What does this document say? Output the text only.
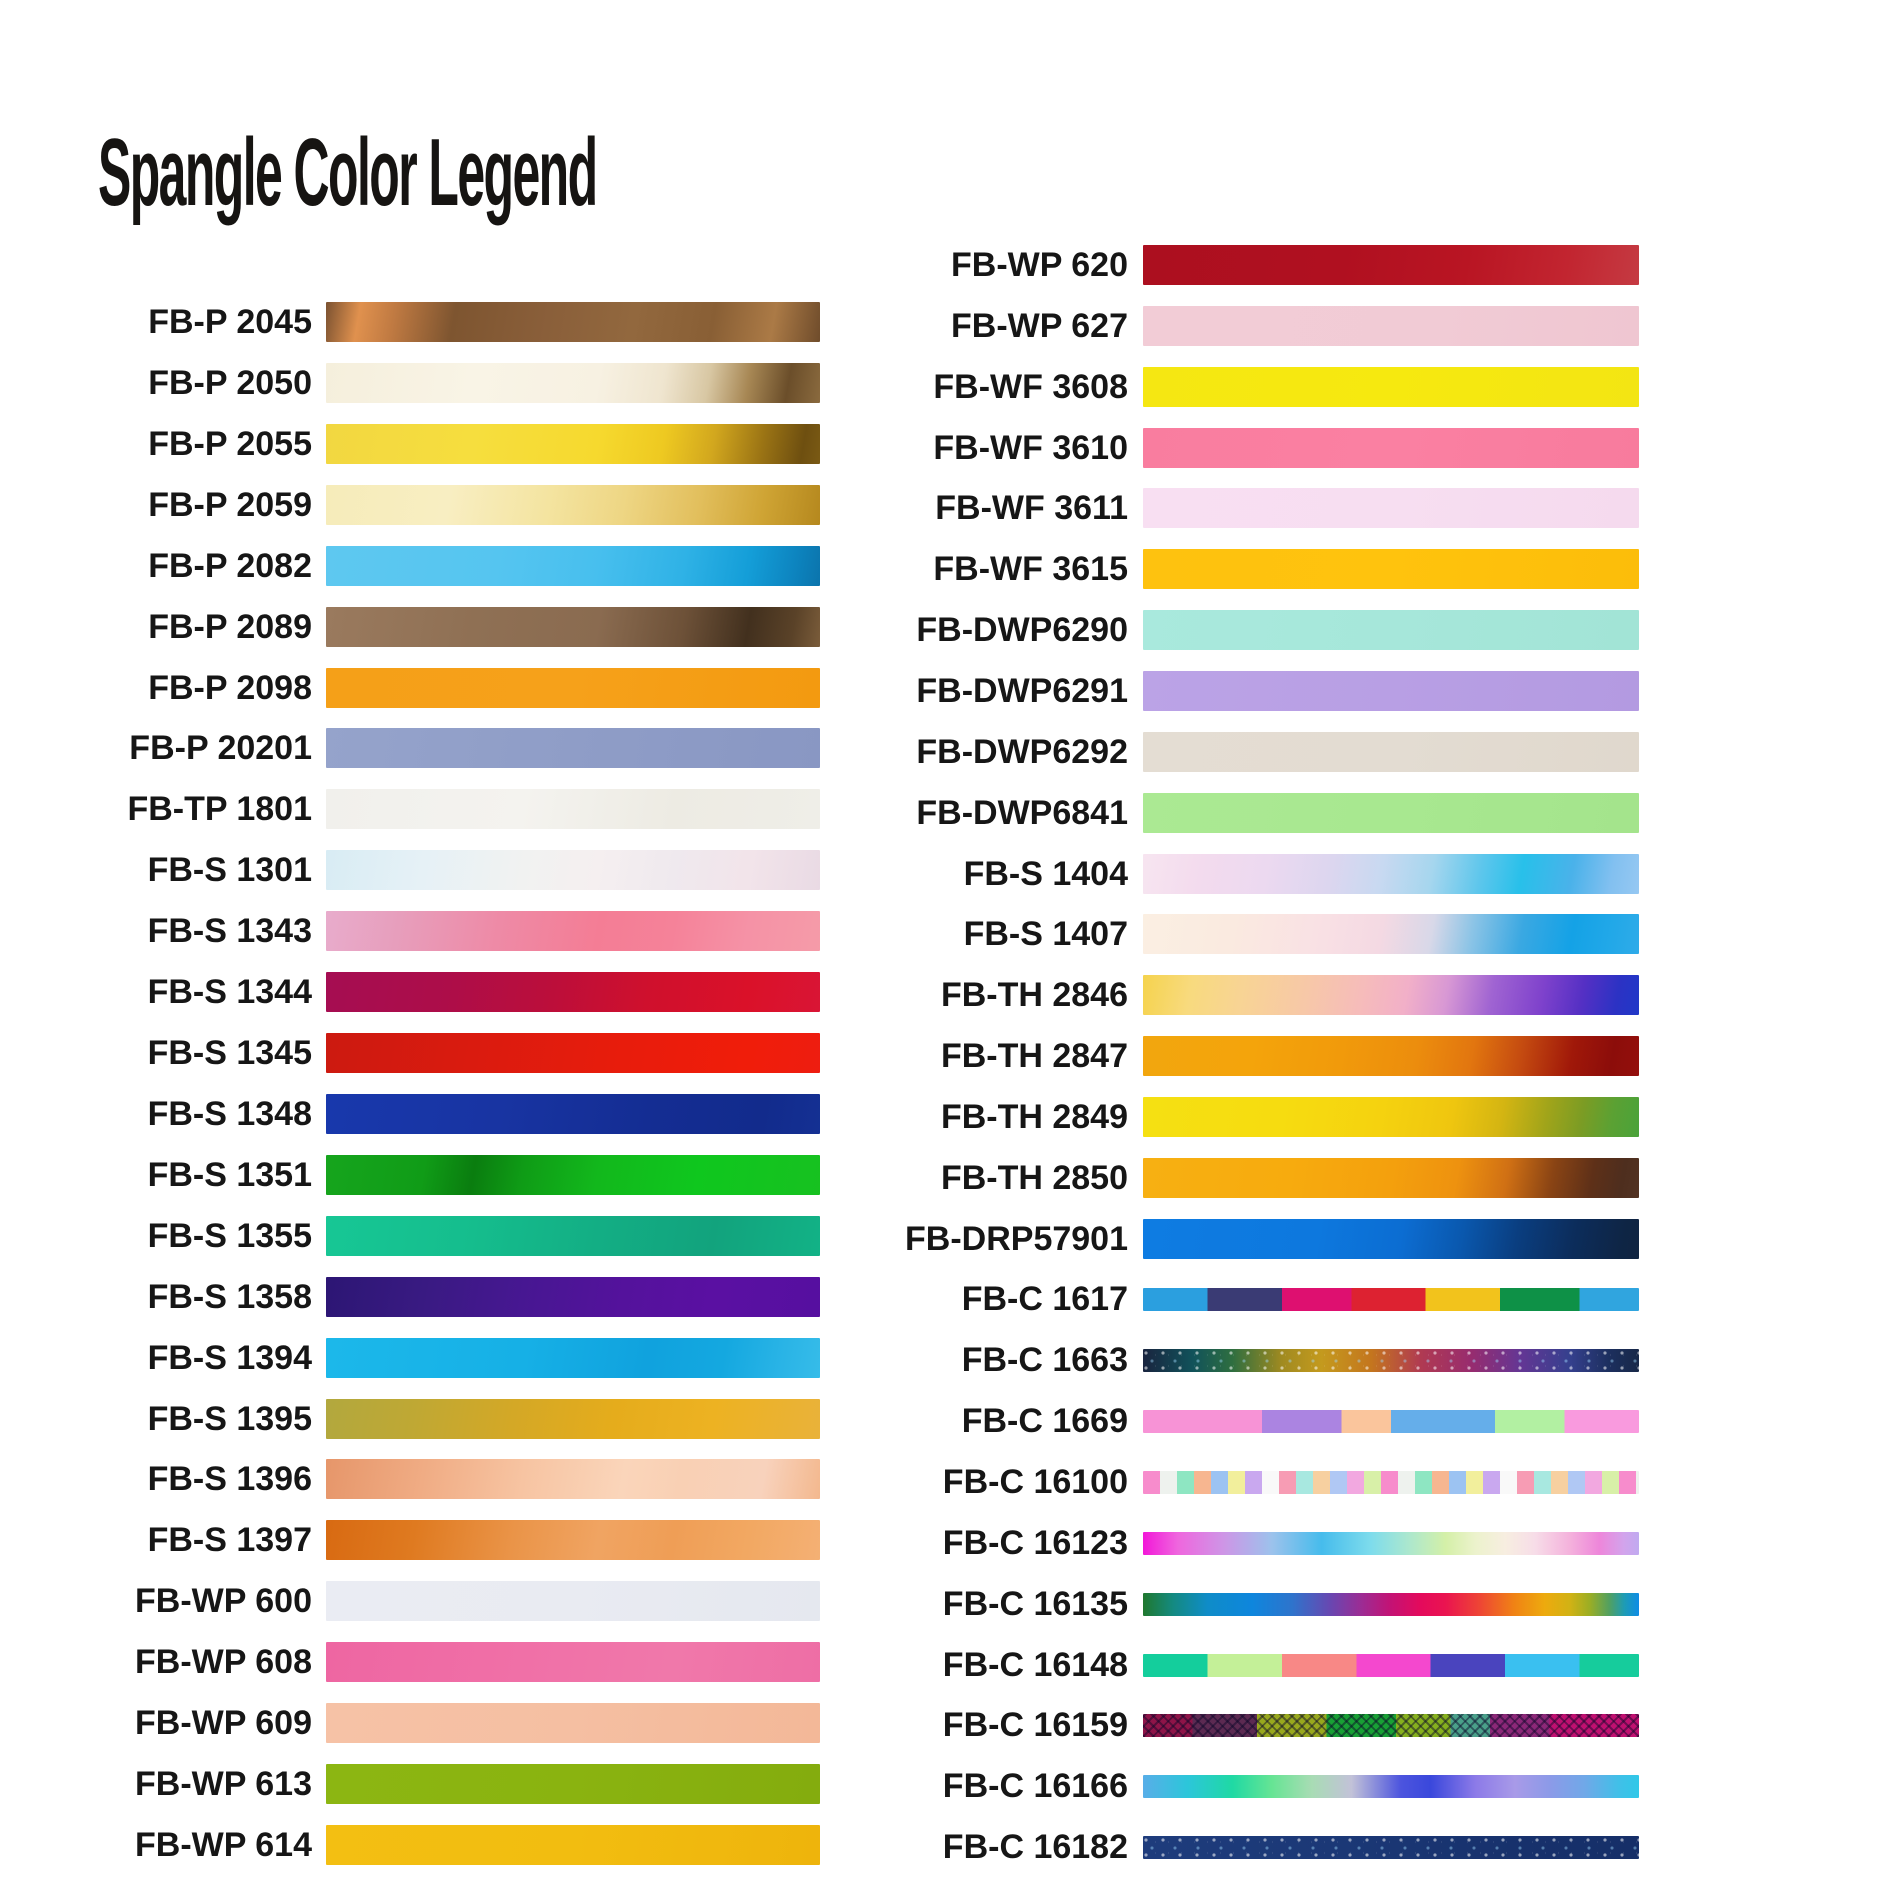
Spangle Color Legend
FB-P 2045
FB-P 2050
FB-P 2055
FB-P 2059
FB-P 2082
FB-P 2089
FB-P 2098
FB-P 20201
FB-TP 1801
FB-S 1301
FB-S 1343
FB-S 1344
FB-S 1345
FB-S 1348
FB-S 1351
FB-S 1355
FB-S 1358
FB-S 1394
FB-S 1395
FB-S 1396
FB-S 1397
FB-WP 600
FB-WP 608
FB-WP 609
FB-WP 613
FB-WP 614
FB-WP 620
FB-WP 627
FB-WF 3608
FB-WF 3610
FB-WF 3611
FB-WF 3615
FB-DWP6290
FB-DWP6291
FB-DWP6292
FB-DWP6841
FB-S 1404
FB-S 1407
FB-TH 2846
FB-TH 2847
FB-TH 2849
FB-TH 2850
FB-DRP57901
FB-C 1617
FB-C 1663
FB-C 1669
FB-C 16100
FB-C 16123
FB-C 16135
FB-C 16148
FB-C 16159
FB-C 16166
FB-C 16182
